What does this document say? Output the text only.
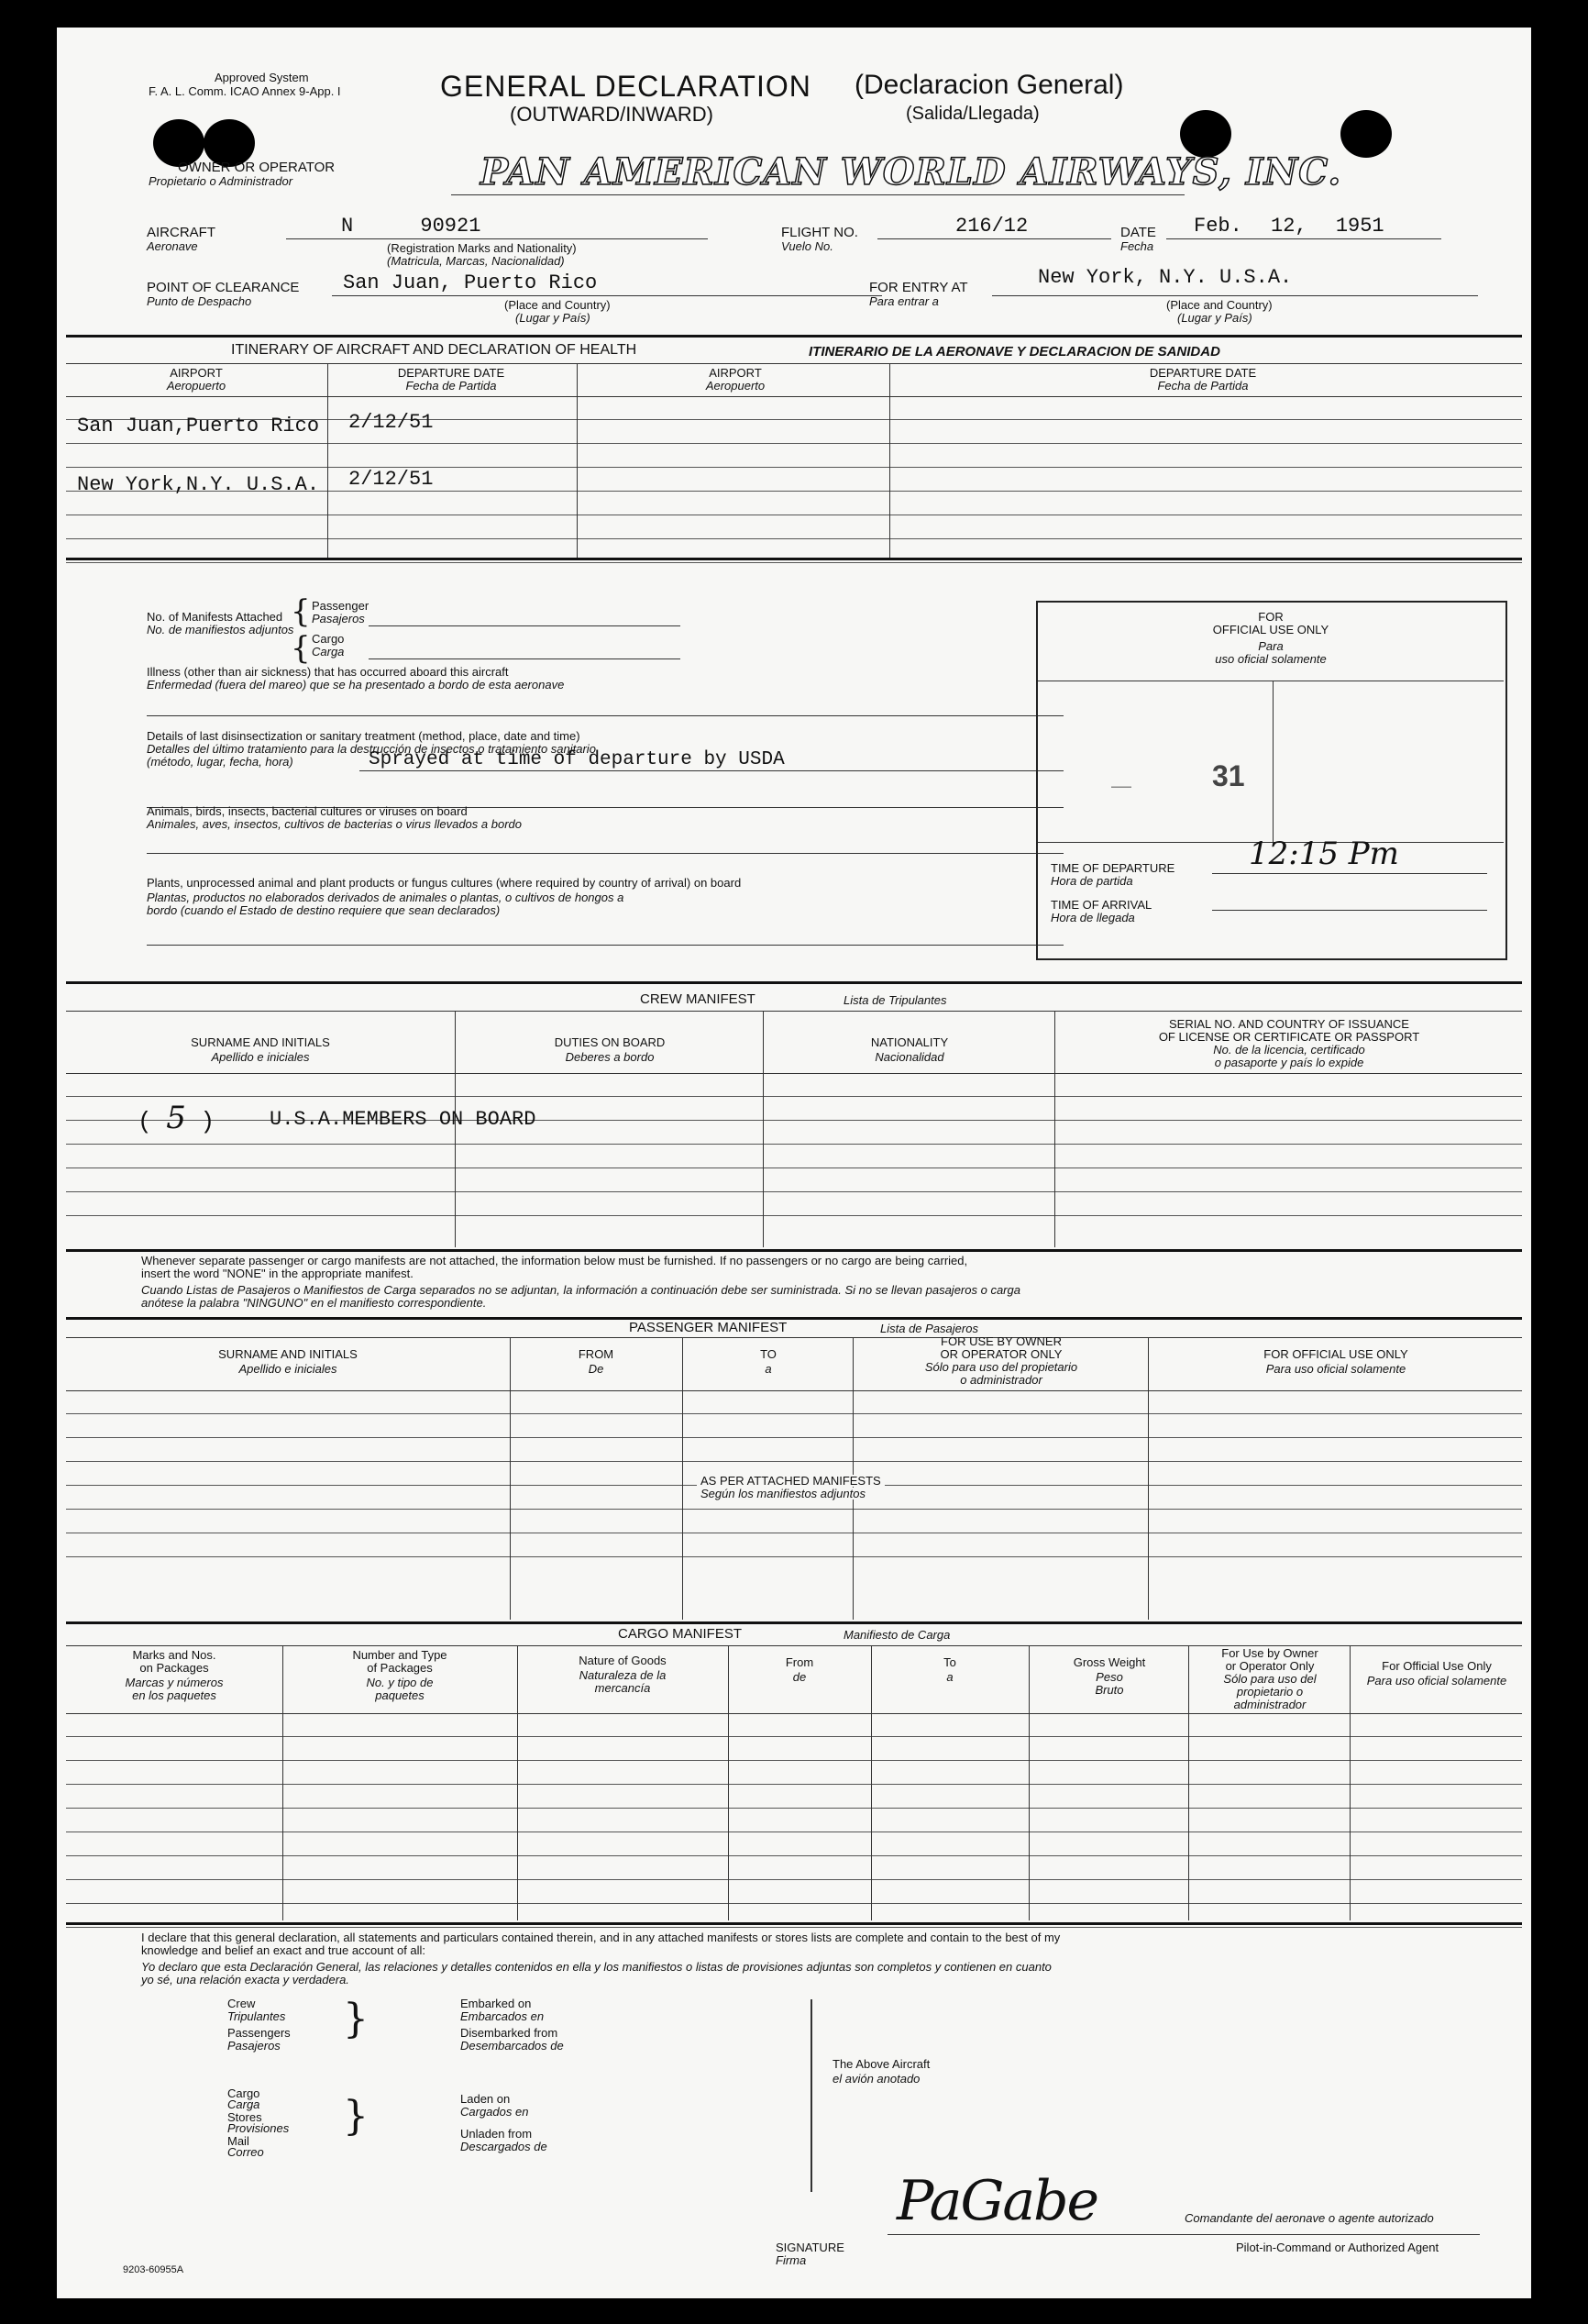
Approved System
F. A. L. Comm. ICAO Annex 9-App. I	GENERAL DECLARATION (Declaracion General)
(OUTWARD/INWARD)	(Salida/Llegada)
OWNER OR OPERATOR
Propietario o Administrador	PAN AMERICAN WORLD AIRWAYS, INC.
AIRCRAFT
Aeronave
N 90921
(Registration Marks and Nationality)
(Matricula, Marcas, Nacionalidad)
FLIGHT NO.
Vuelo No.
216/12	DATE
Fecha
Feb. 12, 1951
POINT OF CLEARANCE
Punto de Despacho
San Juan, Puerto Rico
(Place and Country)
(Lugar y País)
FOR ENTRY AT
Para entrar a
New York, N.Y. U.S.A.
(Place and Country)
(Lugar y País)
ITINERARY OF AIRCRAFT AND DECLARATION OF HEALTH	ITINERARIO DE LA AERONAVE Y DECLARACION DE SANIDAD
AIRPORT
Aeropuerto
DEPARTURE DATE
Fecha de Partida
AIRPORT
Aeropuerto
DEPARTURE DATE
Fecha de Partida
San Juan,Puerto Rico 2/12/51
New York,N.Y. U.S.A. 2/12/51
No. of Manifests Attached
No. de manifiestos adjuntos
{
{
Passenger
Pasajeros
Cargo
Carga
Illness (other than air sickness) that has occurred aboard this aircraft
Enfermedad (fuera del mareo) que se ha presentado a bordo de esta aeronave
Details of last disinsectization or sanitary treatment (method, place, date and time)
Detalles del último tratamiento para la destrucción de insectos o tratamiento sanitario
(método, lugar, fecha, hora)	Sprayed at time of departure by USDA
Animals, birds, insects, bacterial cultures or viruses on board
Animales, aves, insectos, cultivos de bacterias o virus llevados a bordo
Plants, unprocessed animal and plant products or fungus cultures (where required by country of arrival) on board
Plantas, productos no elaborados derivados de animales o plantas, o cultivos de hongos a
bordo (cuando el Estado de destino requiere que sean declarados)
FOR
OFFICIAL USE ONLY
Para
uso oficial solamente
—	31
TIME OF DEPARTURE
Hora de partida
12:15 Pm
TIME OF ARRIVAL
Hora de llegada
CREW MANIFEST	Lista de Tripulantes
SURNAME AND INITIALS
Apellido e iniciales
DUTIES ON BOARD
Deberes a bordo
NATIONALITY
Nacionalidad
SERIAL NO. AND COUNTRY OF ISSUANCE
OF LICENSE OR CERTIFICATE OR PASSPORT
No. de la licencia, certificado
o pasaporte y país lo expide
( 5 )	U.S.A.MEMBERS ON BOARD
Whenever separate passenger or cargo manifests are not attached, the information below must be furnished. If no passengers or no cargo are being carried,
insert the word "NONE" in the appropriate manifest.
Cuando Listas de Pasajeros o Manifiestos de Carga separados no se adjuntan, la información a continuación debe ser suministrada. Si no se llevan pasajeros o carga
anótese la palabra "NINGUNO" en el manifiesto correspondiente.
PASSENGER MANIFEST	Lista de Pasajeros
SURNAME AND INITIALS
Apellido e iniciales
FROM
De
TO
a
FOR USE BY OWNER
OR OPERATOR ONLY
Sólo para uso del propietario
o administrador
FOR OFFICIAL USE ONLY
Para uso oficial solamente
AS PER ATTACHED MANIFESTS
Según los manifiestos adjuntos
CARGO MANIFEST	Manifiesto de Carga
Marks and Nos.
on Packages
Marcas y números
en los paquetes
Number and Type
of Packages
No. y tipo de
paquetes
Nature of Goods
Naturaleza de la
mercancía
From
de
To
a
Gross Weight
Peso
Bruto
For Use by Owner
or Operator Only
Sólo para uso del
propietario o
administrador
For Official Use Only
Para uso oficial solamente
I declare that this general declaration, all statements and particulars contained therein, and in any attached manifests or stores lists are complete and contain to the best of my
knowledge and belief an exact and true account of all:
Yo declaro que esta Declaración General, las relaciones y detalles contenidos en ella y los manifiestos o listas de provisiones adjuntas son completos y contienen en cuanto
yo sé, una relación exacta y verdadera.
Crew
Tripulantes
Passengers
Pasajeros
}	Embarked on
Embarcados en
Disembarked from
Desembarcados de
Cargo
Carga
Stores
Provisiones
Mail
Correo
}	Laden on
Cargados en
Unladen from
Descargados de
The Above Aircraft
el avión anotado
SIGNATURE
Firma
PaGabe	Comandante del aeronave o agente autorizado
Pilot-in-Command or Authorized Agent
9203-60955A
